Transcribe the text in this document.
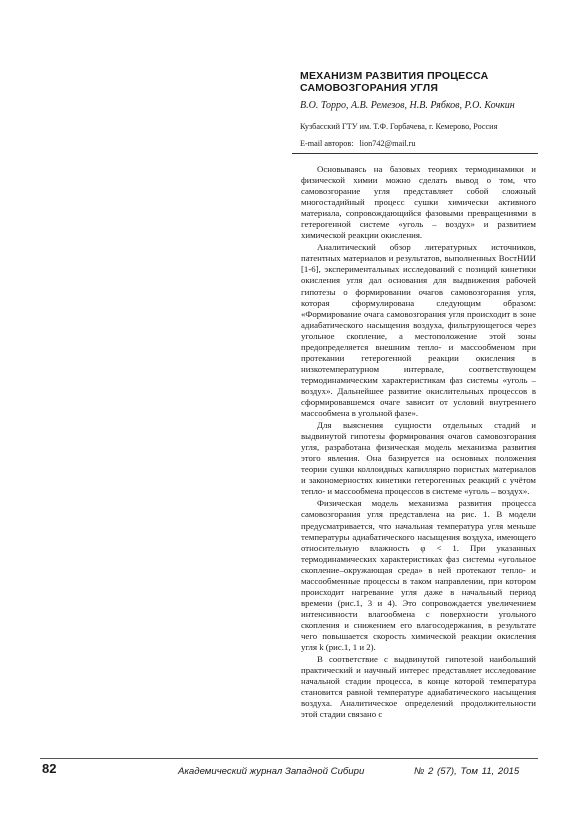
МЕХАНИЗМ РАЗВИТИЯ ПРОЦЕССА
САМОВОЗГОРАНИЯ УГЛЯ
В.О. Торро, А.В. Ремезов, Н.В. Рябков, Р.О. Кочкин
Кузбасский ГТУ им. Т.Ф. Горбачева, г. Кемерово, Россия
E-mail авторов: lion742@mail.ru

Основываясь на базовых теориях термодинамики и физической химии можно сделать вывод о том, что самовозгорание угля представляет собой сложный многостадийный процесс сушки химически активного материала, сопровождающийся фазовыми превращениями в гетерогенной системе «уголь – воздух» и развитием химической реакции окисления.

Аналитический обзор литературных источников, патентных материалов и результатов, выполненных ВостНИИ [1-6], экспериментальных исследований с позиций кинетики окисления угля дал основания для выдвижения рабочей гипотезы о формировании очагов самовозгорания угля, которая сформулирована следующим образом: «Формирование очага самовозгорания угля происходит в зоне адиабатического насыщения воздуха, фильтрующегося через угольное скопление, а местоположение этой зоны предопределяется внешним тепло- и массообменом при протекании гетерогенной реакции окисления в низкотемпературном интервале, соответствующем термодинамическим характеристикам фаз системы «уголь – воздух». Дальнейшее развитие окислительных процессов в сформировавшемся очаге зависит от условий внутреннего массообмена в угольной фазе».

Для выяснения сущности отдельных стадий и выдвинутой гипотезы формирования очагов самовозгорания угля, разработана физическая модель механизма развития этого явления. Она базируется на основных положения теории сушки коллоидных капиллярно пористых материалов и закономерностях кинетики гетерогенных реакций с учётом тепло- и массообмена процессов в системе «уголь – воздух».

Физическая модель механизма развития процесса самовозгорания угля представлена на рис. 1. В модели предусматривается, что начальная температура угля меньше температуры адиабатического насыщения воздуха, имеющего относительную влажность φ < 1. При указанных термодинамических характеристиках фаз системы «угольное скопление–окружающая среда» в ней протекают тепло- и массообменные процессы в таком направлении, при котором происходит нагревание угля даже в начальный период времени (рис.1, 3 и 4). Это сопровождается увеличением интенсивности влагообмена с поверхности угольного скопления и снижением его влагосодержания, в результате чего повышается скорость химической реакции окисления угля k (рис.1, 1 и 2).

В соответствие с выдвинутой гипотезой наибольший практический и научный интерес представляет исследование начальной стадии процесса, в конце которой температура становится равной температуре адиабатического насыщения воздуха. Аналитическое определений продолжительности этой стадии связано с

82	Академический журнал Западной Сибири	№ 2 (57), Том 11, 2015
